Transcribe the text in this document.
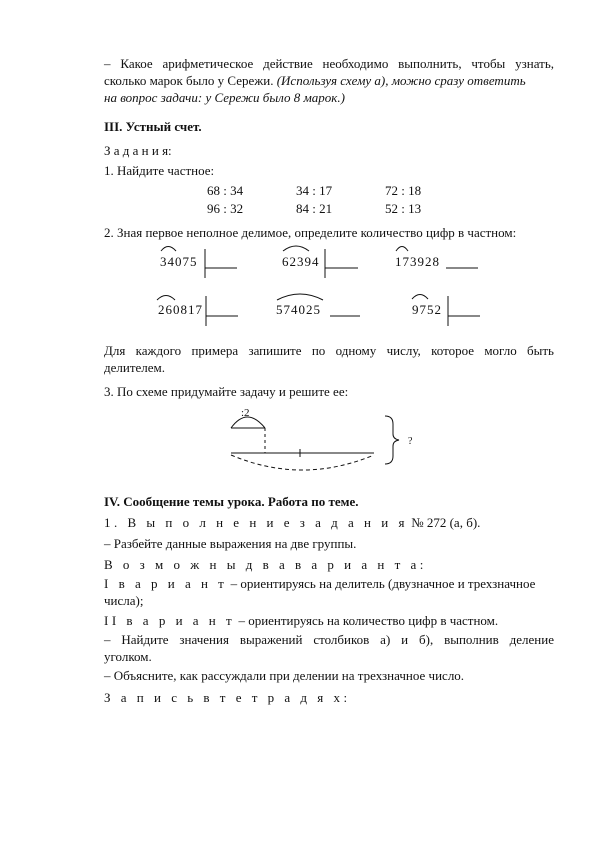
– Какое арифметическое действие необходимо выполнить, чтобы узнать,
сколько марок было у Сережи. (Используя схему а), можно сразу ответить
на вопрос задачи: у Сережи было 8 марок.)
III. Устный счет.
З а д а н и я:
1. Найдите частное:
68 : 34	34 : 17	72 : 18
96 : 32	84 : 21	52 : 13
2. Зная первое неполное делимое, определите количество цифр в частном:
34075	62394	173928
260817	574025	9752
Для каждого примера запишите по одному числу, которое могло быть
делителем.
3. По схеме придумайте задачу и решите ее:
:2
?
IV. Сообщение темы урока. Работа по теме.
1. В ы п о л н е н и е з а д а н и я № 272 (а, б).
– Разбейте данные выражения на две группы.
В о з м о ж н ы д в а в а р и а н т а:
I в а р и а н т – ориентируясь на делитель (двузначное и трехзначное
числа);
II в а р и а н т – ориентируясь на количество цифр в частном.
– Найдите значения выражений столбиков а) и б), выполнив деление
уголком.
– Объясните, как рассуждали при делении на трехзначное число.
З а п и с ь в т е т р а д я х:
